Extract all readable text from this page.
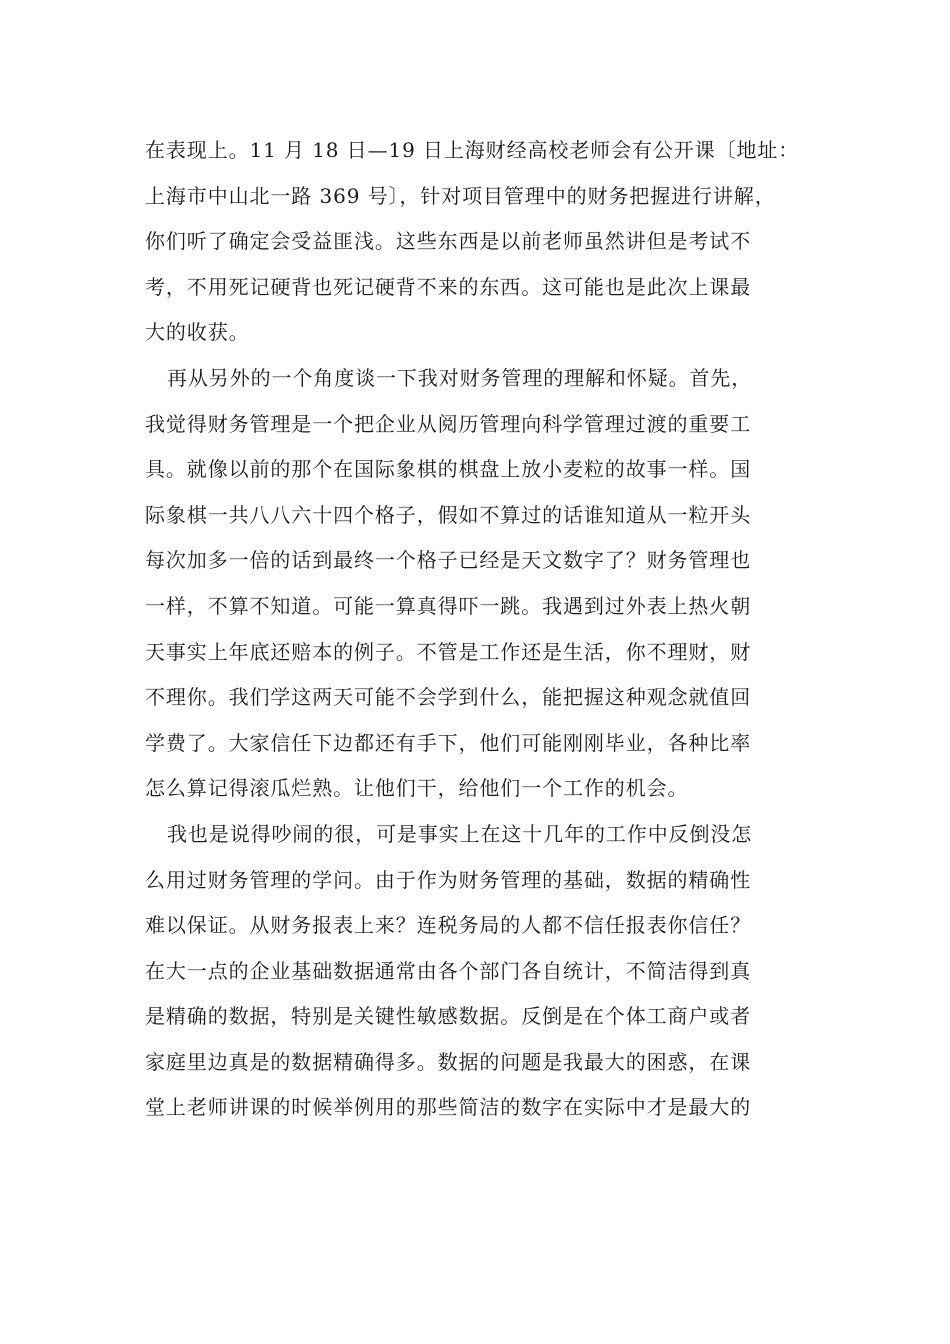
在表现上。11 月 18 日—19 日上海财经高校老师会有公开课〔地址：
上海市中山北一路 369 号〕，针对项目管理中的财务把握进行讲解，
你们听了确定会受益匪浅。这些东西是以前老师虽然讲但是考试不
考，不用死记硬背也死记硬背不来的东西。这可能也是此次上课最
大的收获。
再从另外的一个角度谈一下我对财务管理的理解和怀疑。首先，
我觉得财务管理是一个把企业从阅历管理向科学管理过渡的重要工
具。就像以前的那个在国际象棋的棋盘上放小麦粒的故事一样。国
际象棋一共八八六十四个格子，假如不算过的话谁知道从一粒开头
每次加多一倍的话到最终一个格子已经是天文数字了？财务管理也
一样，不算不知道。可能一算真得吓一跳。我遇到过外表上热火朝
天事实上年底还赔本的例子。不管是工作还是生活，你不理财，财
不理你。我们学这两天可能不会学到什么，能把握这种观念就值回
学费了。大家信任下边都还有手下，他们可能刚刚毕业，各种比率
怎么算记得滚瓜烂熟。让他们干，给他们一个工作的机会。
我也是说得吵闹的很，可是事实上在这十几年的工作中反倒没怎
么用过财务管理的学问。由于作为财务管理的基础，数据的精确性
难以保证。从财务报表上来？连税务局的人都不信任报表你信任？
在大一点的企业基础数据通常由各个部门各自统计，不简洁得到真
是精确的数据，特别是关键性敏感数据。反倒是在个体工商户或者
家庭里边真是的数据精确得多。数据的问题是我最大的困惑，在课
堂上老师讲课的时候举例用的那些简洁的数字在实际中才是最大的
